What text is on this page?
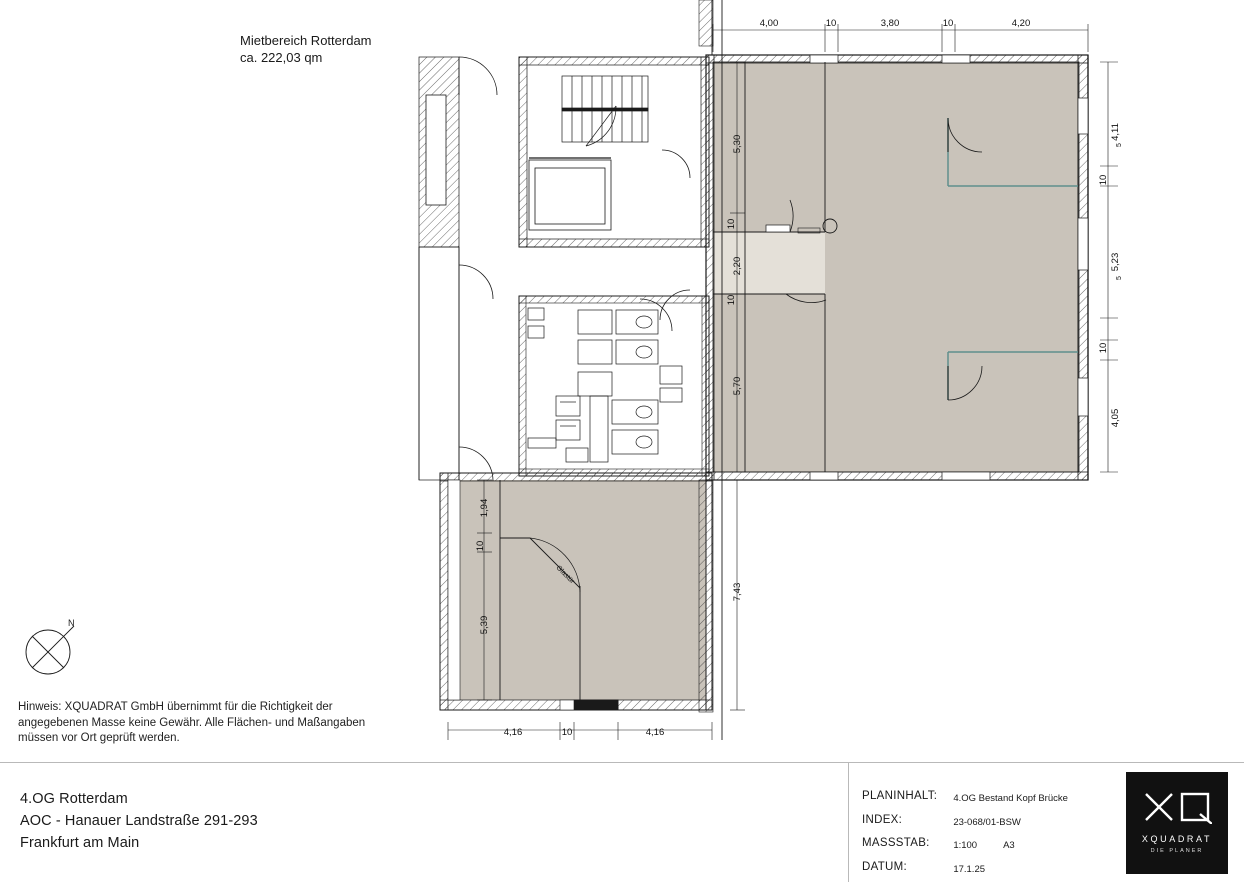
4,00	10	3,80	10	4,20
4,11
5
10
5,23
5
10
4,05
5,30
10
2,20
10
5,70
7,43
1,94
10
5,39
4,16	10	4,16
Glastür
Mietbereich Rotterdam
ca. 222,03 qm
N
Hinweis: XQUADRAT GmbH übernimmt für die Richtigkeit der
angegebenen Masse keine Gewähr. Alle Flächen- und Maßangaben
müssen vor Ort geprüft werden.
4.OG Rotterdam
AOC - Hanauer Landstraße 291-293
Frankfurt am Main
PLANINHALT:	4.OG Bestand Kopf Brücke
INDEX:	23-068/01-BSW
MASSSTAB:	1:100 A3
DATUM:	17.1.25
XQUADRAT
DIE PLANER
